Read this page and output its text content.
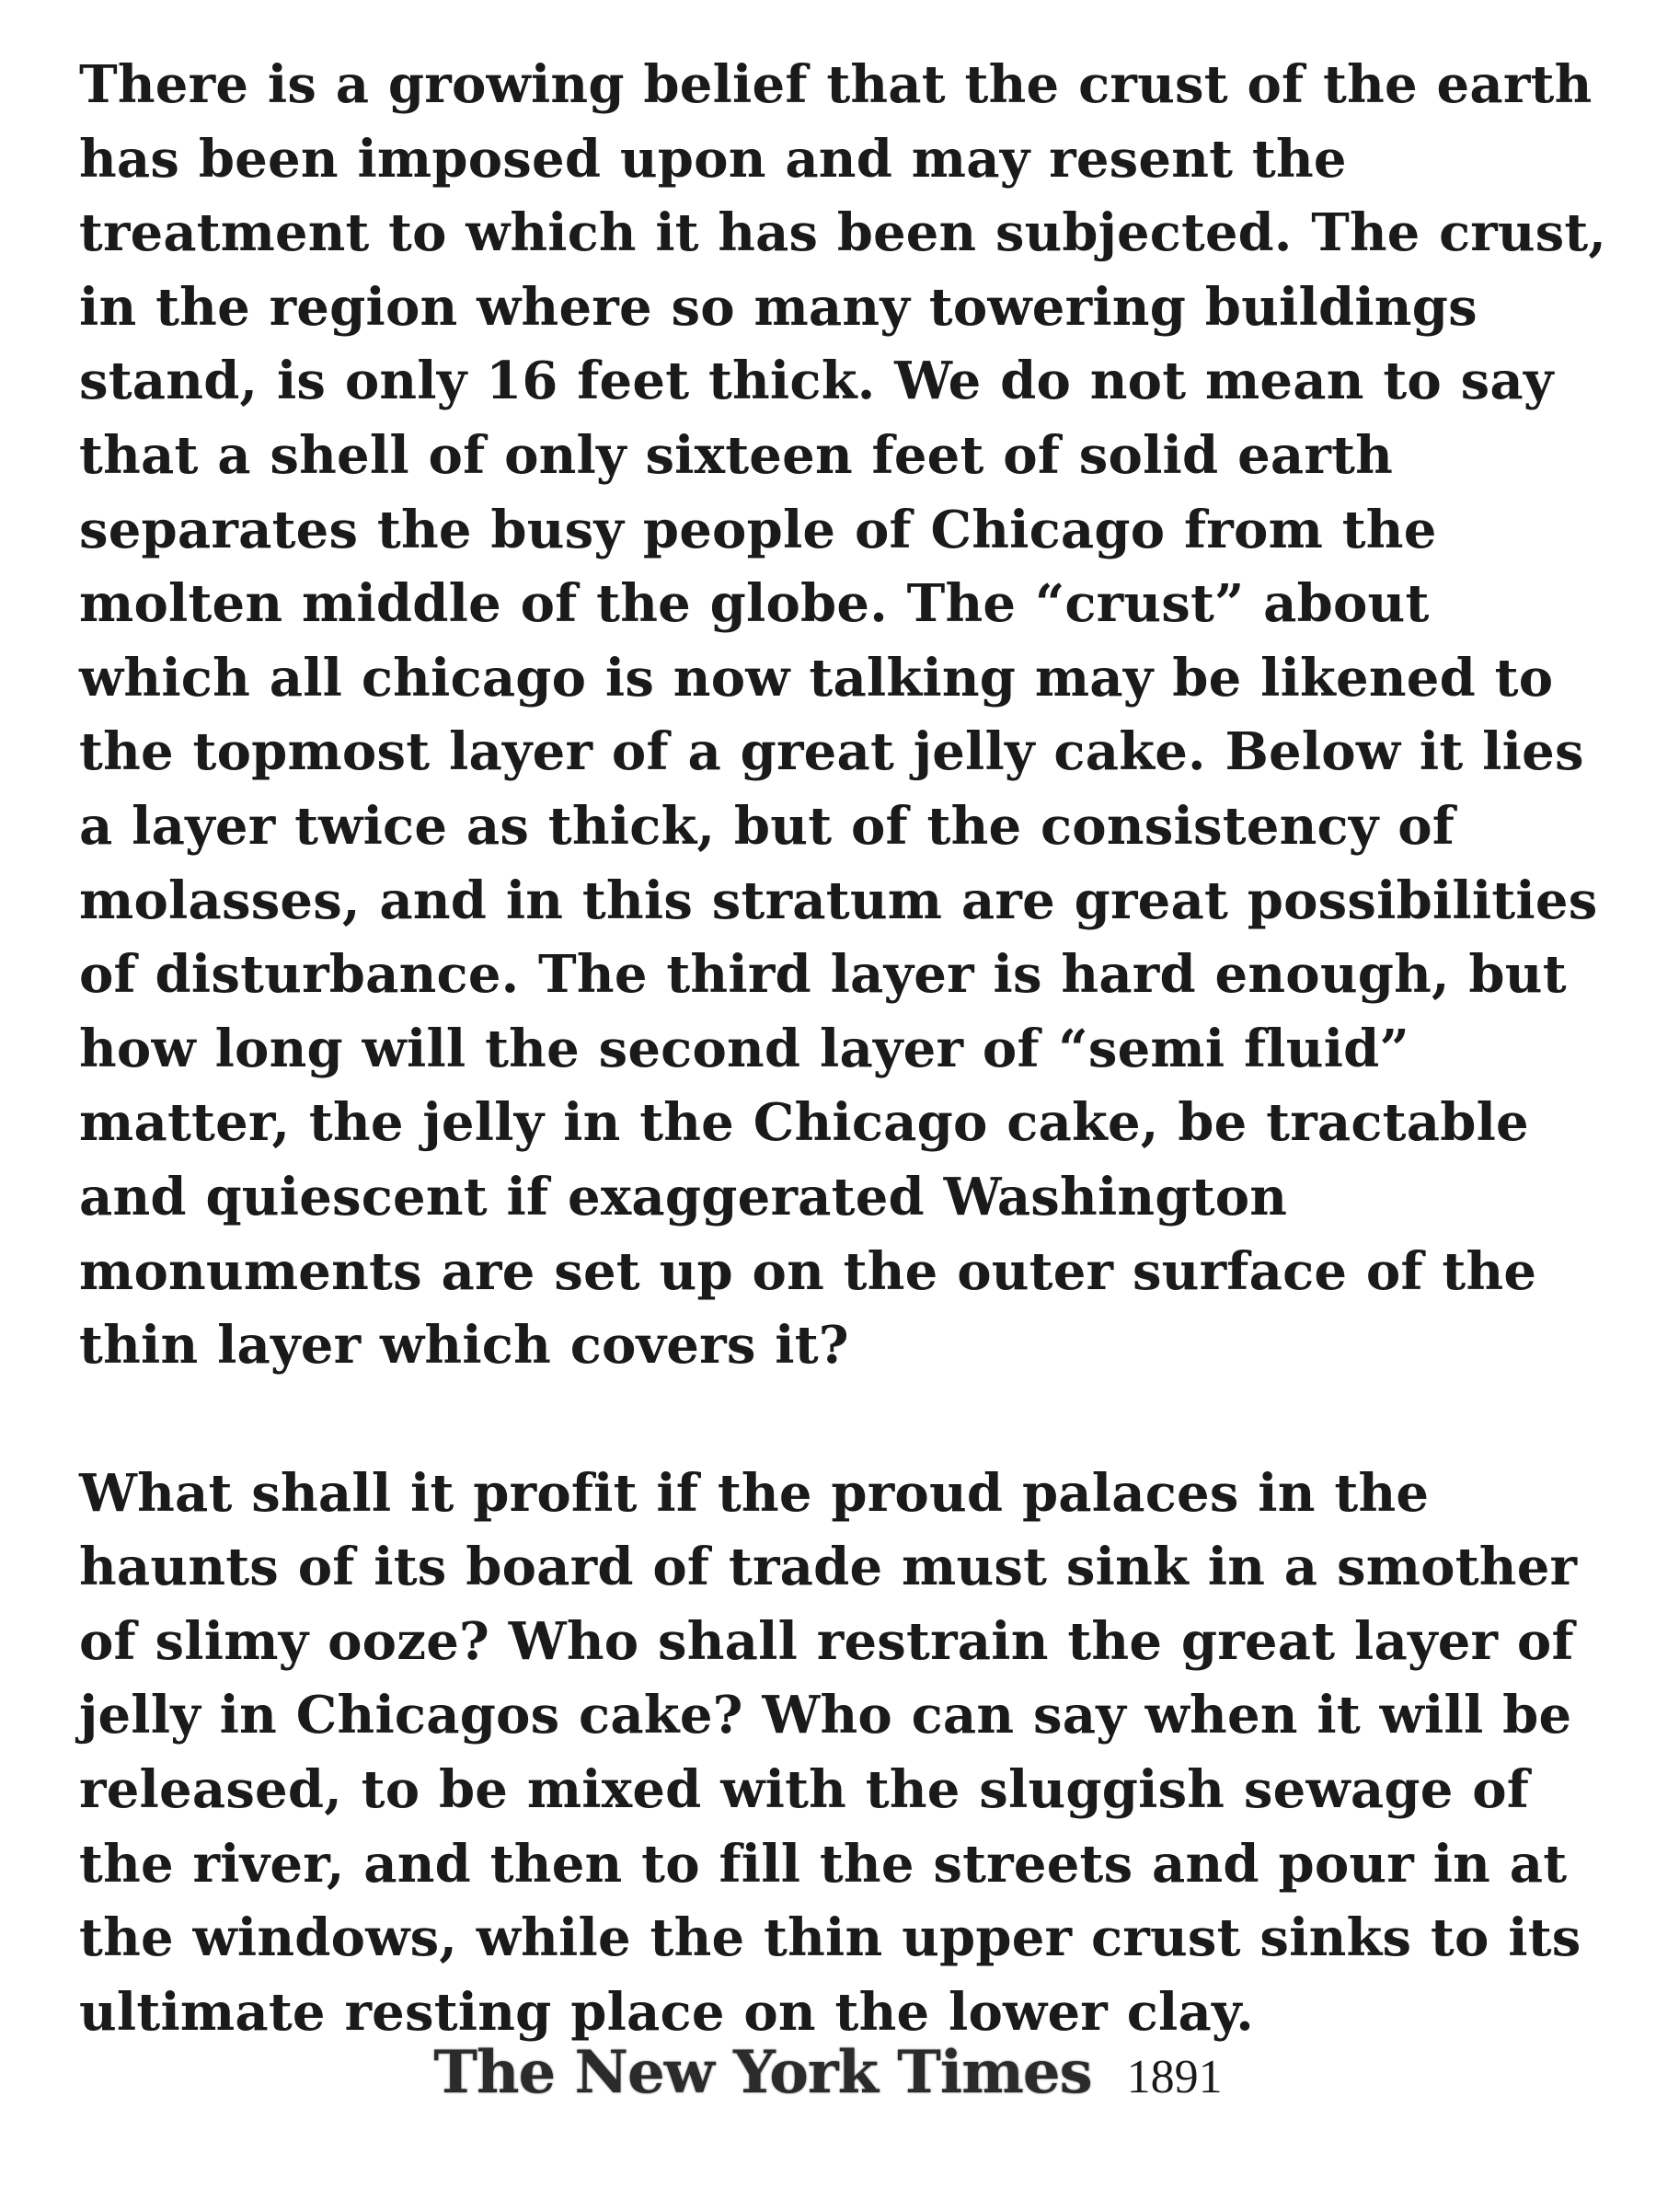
There is a growing belief that the crust of the earth
has been imposed upon and may resent the
treatment to which it has been subjected. The crust,
in the region where so many towering buildings
stand, is only 16 feet thick. We do not mean to say
that a shell of only sixteen feet of solid earth
separates the busy people of Chicago from the
molten middle of the globe. The “crust” about
which all chicago is now talking may be likened to
the topmost layer of a great jelly cake. Below it lies
a layer twice as thick, but of the consistency of
molasses, and in this stratum are great possibilities
of disturbance. The third layer is hard enough, but
how long will the second layer of “semi fluid”
matter, the jelly in the Chicago cake, be tractable
and quiescent if exaggerated Washington
monuments are set up on the outer surface of the
thin layer which covers it?

What shall it profit if the proud palaces in the
haunts of its board of trade must sink in a smother
of slimy ooze? Who shall restrain the great layer of
jelly in Chicagos cake? Who can say when it will be
released, to be mixed with the sluggish sewage of
the river, and then to fill the streets and pour in at
the windows, while the thin upper crust sinks to its
ultimate resting place on the lower clay.

The New York Times 1891
